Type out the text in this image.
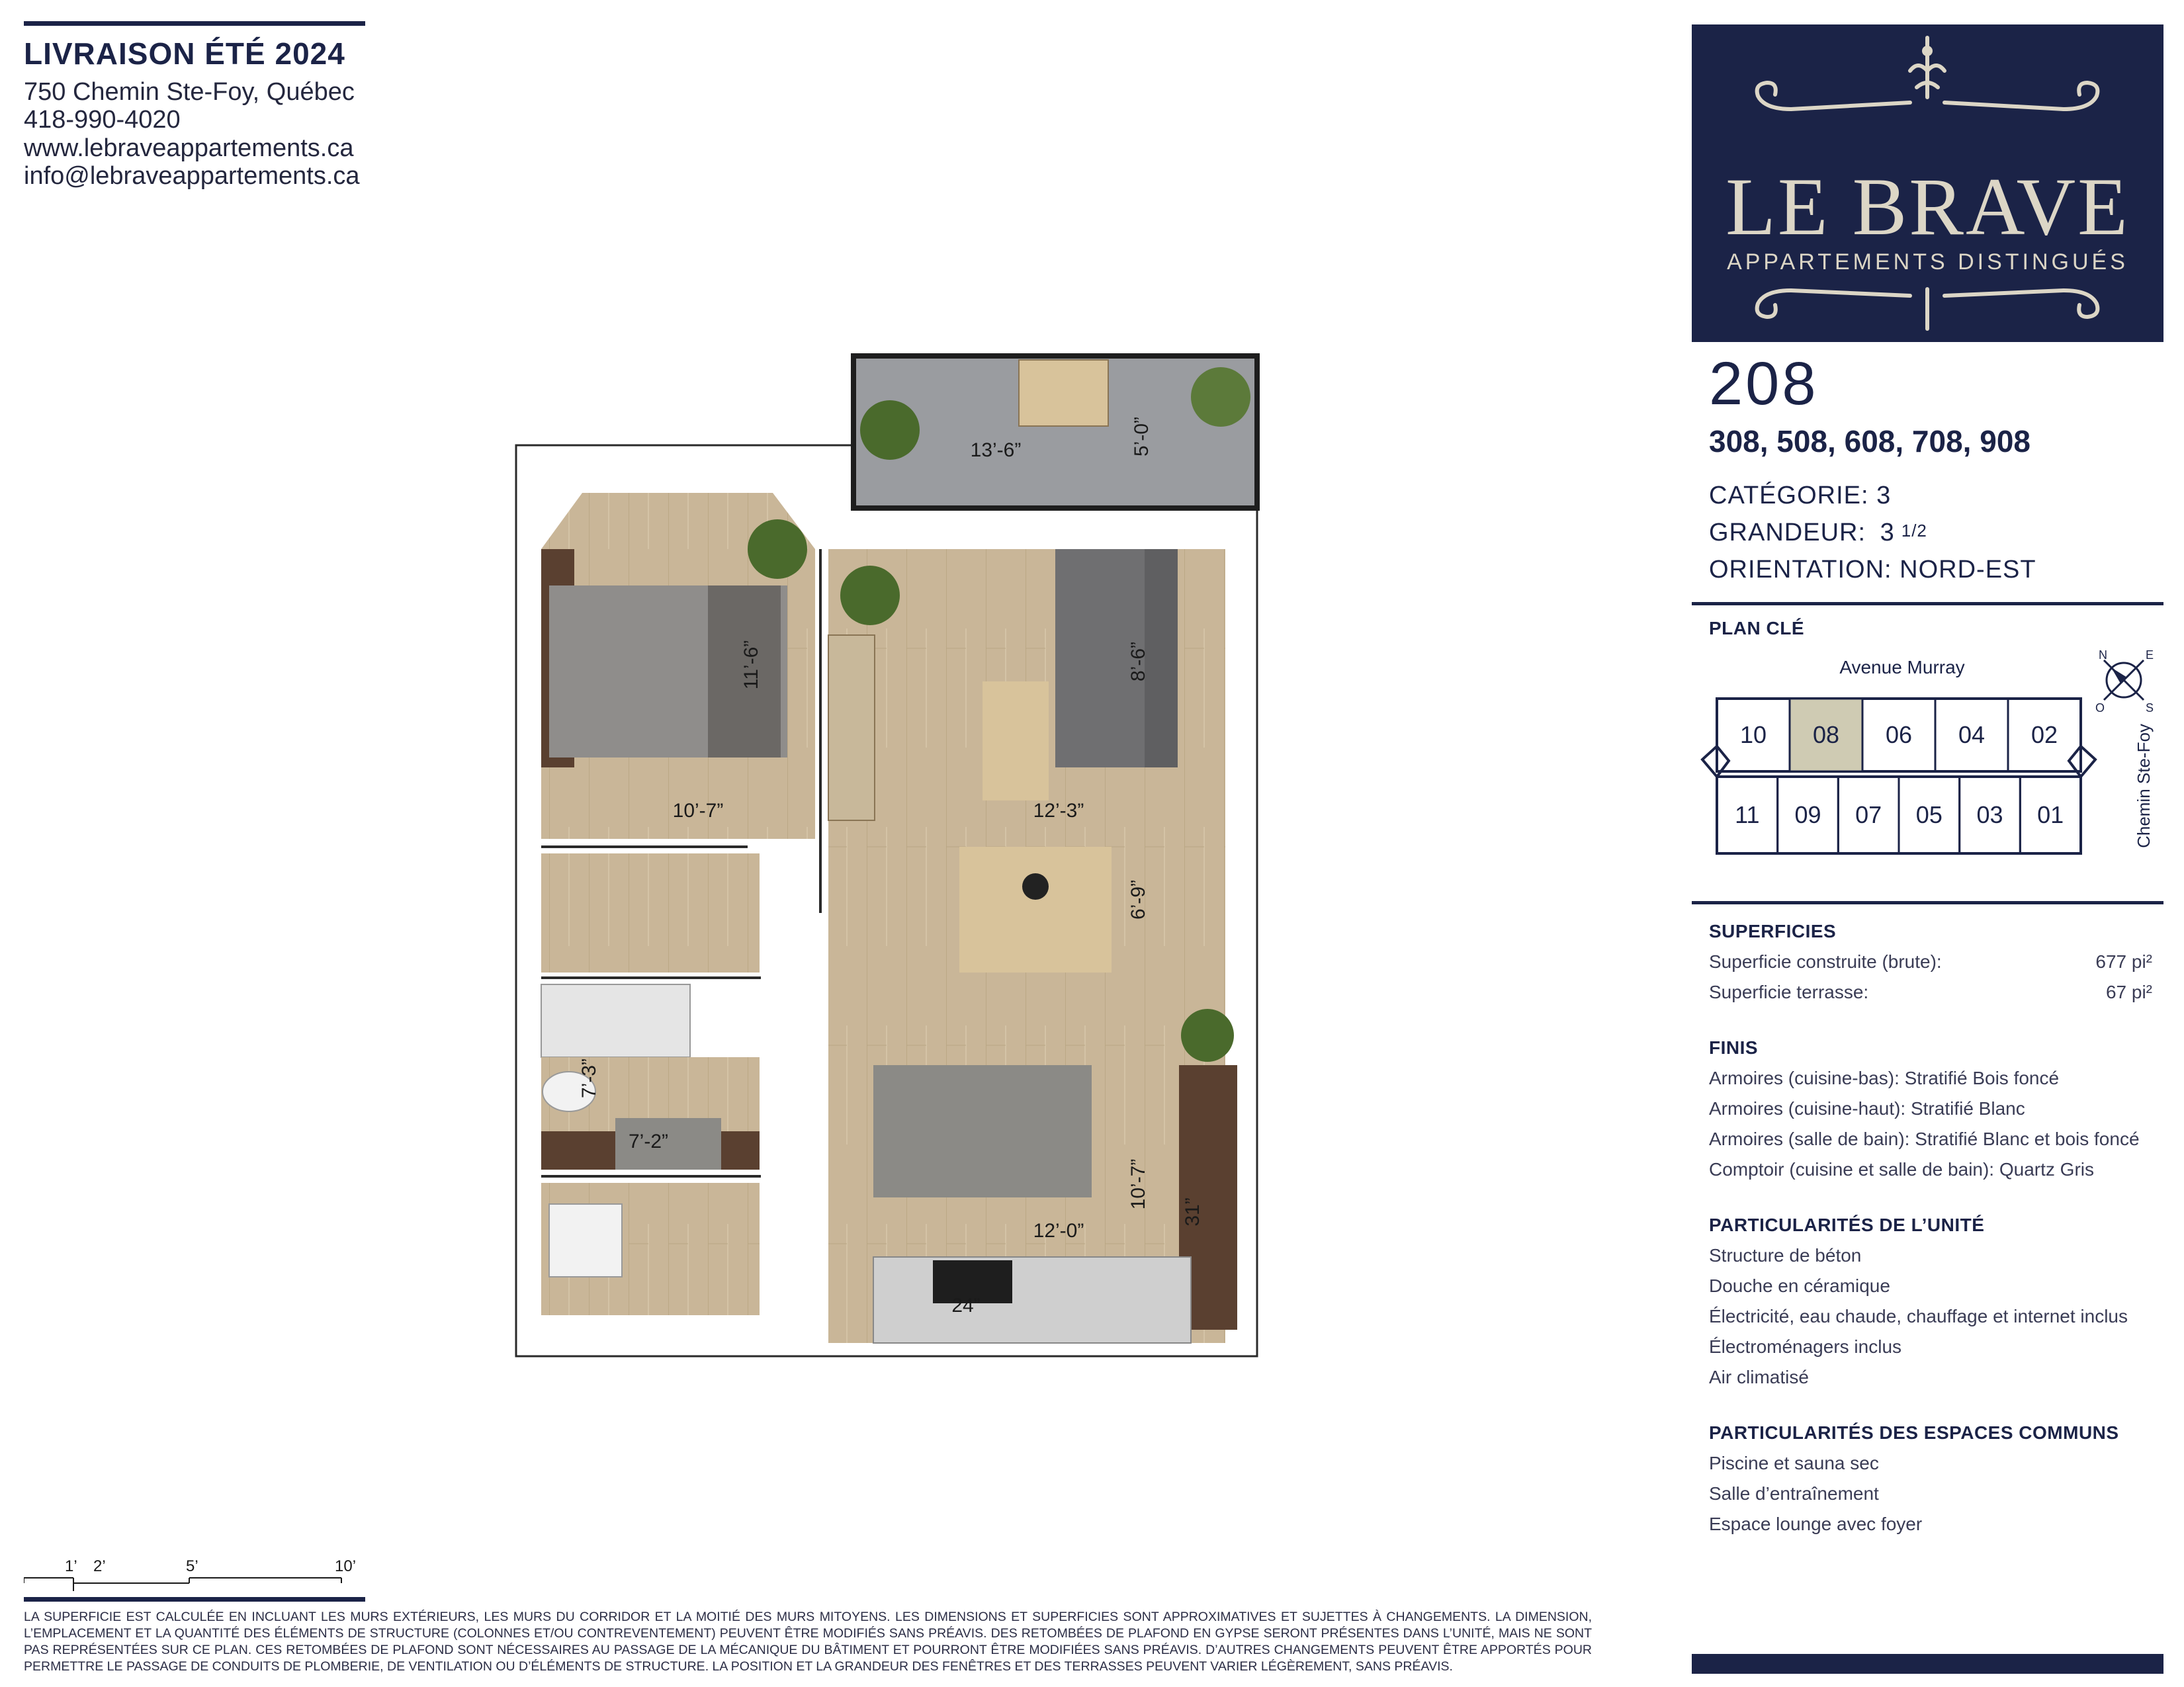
LIVRAISON ÉTÉ 2024
750 Chemin Ste-Foy, Québec
418-990-4020
www.lebraveappartements.ca
info@lebraveappartements.ca	LE BRAVE
APPARTEMENTS DISTINGUÉS
208
308, 508, 608, 708, 908
CATÉGORIE: 3
GRANDEUR: 3 1/2
ORIENTATION: NORD-EST
PLAN CLÉ
N	E
S
O
Avenue Murray
Chemin Ste-Foy
10 08 06 04 02
11 09 07 05 03 01
SUPERFICIES
Superficie construite (brute):	677 pi²
Superficie terrasse:	67 pi²
FINIS
Armoires (cuisine-bas): Stratifié Bois foncé
Armoires (cuisine-haut): Stratifié Blanc
Armoires (salle de bain): Stratifié Blanc et bois foncé
Comptoir (cuisine et salle de bain): Quartz Gris
PARTICULARITÉS DE L’UNITÉ
Structure de béton
Douche en céramique
Électricité, eau chaude, chauffage et internet inclus
Électroménagers inclus
Air climatisé
PARTICULARITÉS DES ESPACES COMMUNS
Piscine et sauna sec
Salle d’entraînement
Espace lounge avec foyer
13’-6”	5’-0”
11’-6”
10’-7”
8’-6”
12’-3”
6’-9”
7’-3”
7’-2”
10’-7”
12’-0”
24”
31”
1’ 2’	5’	10’
LA SUPERFICIE EST CALCULÉE EN INCLUANT LES MURS EXTÉRIEURS, LES MURS DU CORRIDOR ET LA MOITIÉ DES MURS MITOYENS. LES DIMENSIONS ET SUPERFICIES SONT APPROXIMATIVES ET SUJETTES À CHANGEMENTS. LA DIMENSION, L’EMPLACEMENT ET LA QUANTITÉ DES ÉLÉMENTS DE STRUCTURE (COLONNES ET/OU CONTREVENTEMENT) PEUVENT ÊTRE MODIFIÉS SANS PRÉAVIS. DES RETOMBÉES DE PLAFOND EN GYPSE SERONT PRÉSENTES DANS L’UNITÉ, MAIS NE SONT PAS REPRÉSENTÉES SUR CE PLAN. CES RETOMBÉES DE PLAFOND SONT NÉCESSAIRES AU PASSAGE DE LA MÉCANIQUE DU BÂTIMENT ET POURRONT ÊTRE MODIFIÉES SANS PRÉAVIS. D’AUTRES CHANGEMENTS PEUVENT ÊTRE APPORTÉS POUR PERMETTRE LE PASSAGE DE CONDUITS DE PLOMBERIE, DE VENTILATION OU D’ÉLÉMENTS DE STRUCTURE. LA POSITION ET LA GRANDEUR DES FENÊTRES ET DES TERRASSES PEUVENT VARIER LÉGÈREMENT, SANS PRÉAVIS.
